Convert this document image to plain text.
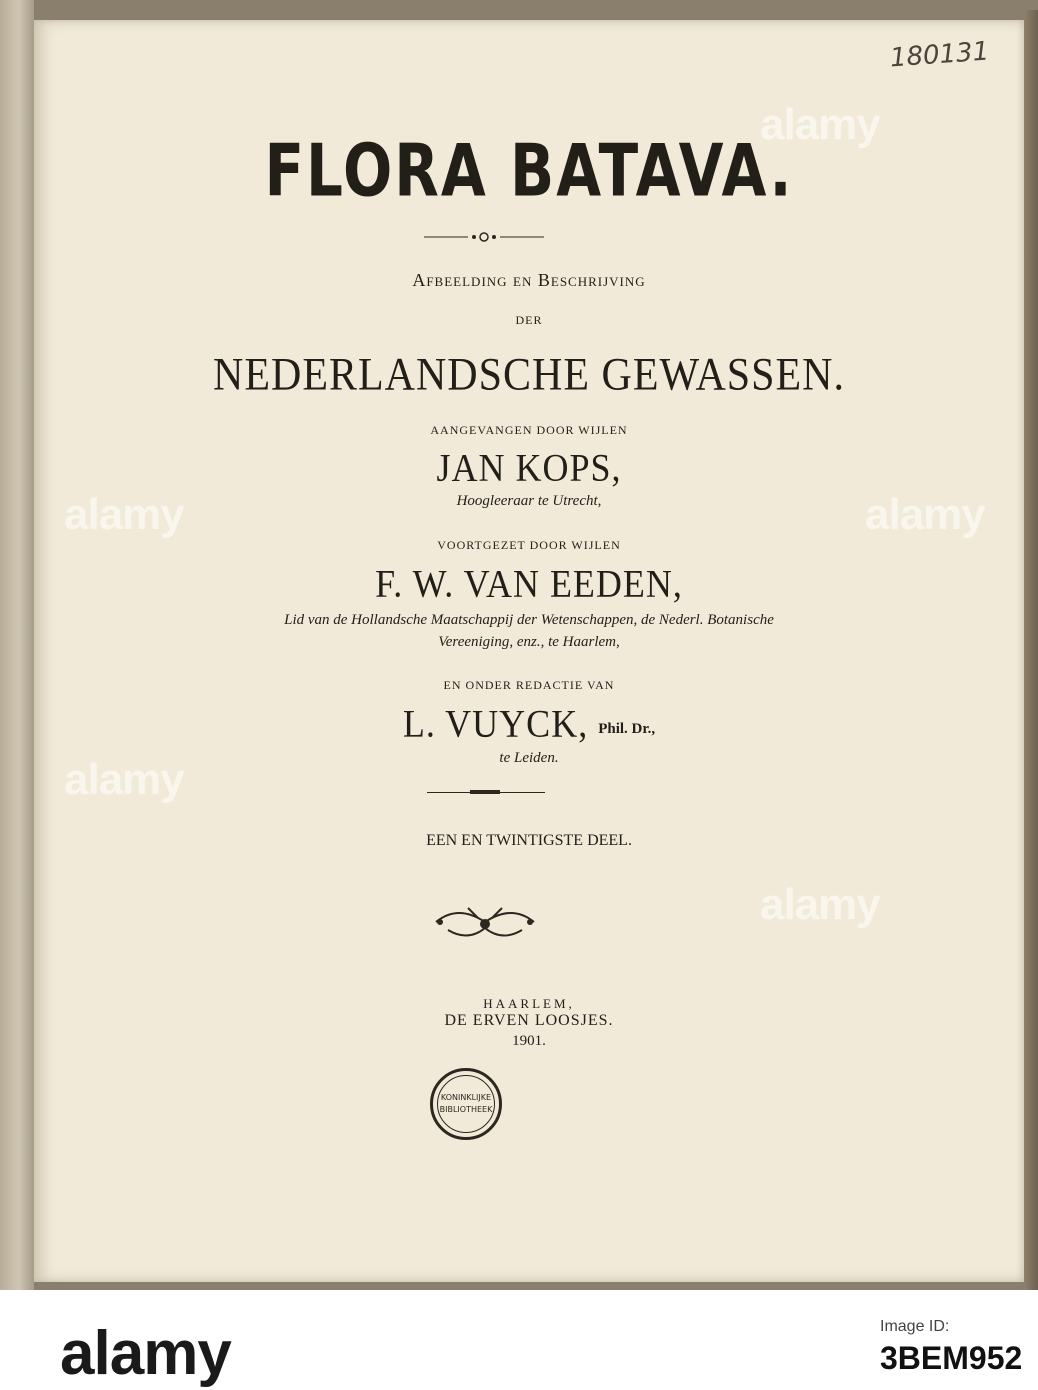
alamy
alamy
alamy
alamy
alamy
180131
FLORA BATAVA.
Afbeelding en Beschrijving
DER
NEDERLANDSCHE GEWASSEN.
AANGEVANGEN DOOR WIJLEN
JAN KOPS,
Hoogleeraar te Utrecht,
VOORTGEZET DOOR WIJLEN
F. W. VAN EEDEN,
Lid van de Hollandsche Maatschappij der Wetenschappen, de Nederl. Botanische
Vereeniging, enz., te Haarlem,
EN ONDER REDACTIE VAN
L. VUYCK, Phil. Dr.,
te Leiden.
EEN EN TWINTIGSTE DEEL.
HAARLEM,
DE ERVEN LOOSJES.
1901.
KONINKLIJKE
BIBLIOTHEEK
alamy	Image ID:
3BEM952
